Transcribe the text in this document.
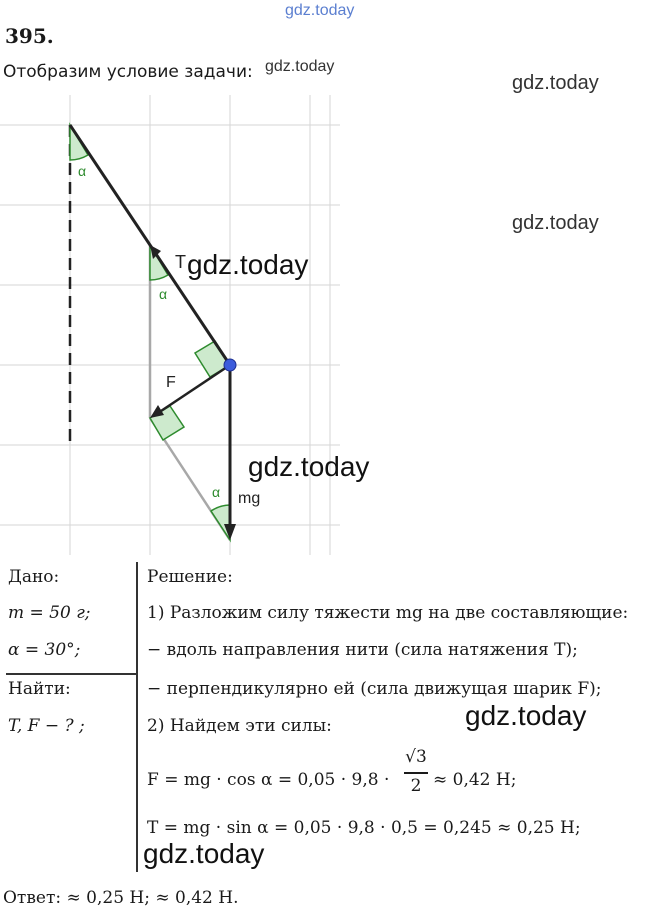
gdz.today
gdz.today
gdz.today
gdz.today
395.
Отобразим условие задачи:
α
α
α
T
F
mg
gdz.today
gdz.today
Дано:
m = 50 г;
α = 30°;
Найти:
T, F − ? ;
Решение:
1) Разложим силу тяжести mg на две составляющие:
− вдоль направления нити (сила натяжения T);
− перпендикулярно ей (сила движущая шарик F);
2) Найдем эти силы:
F = mg · cos α = 0,05 · 9,8 ·
√3
2 ≈ 0,42 Н;
T = mg · sin α = 0,05 · 9,8 · 0,5 = 0,245 ≈ 0,25 Н;
gdz.today
gdz.today
Ответ: ≈ 0,25 Н; ≈ 0,42 Н.
